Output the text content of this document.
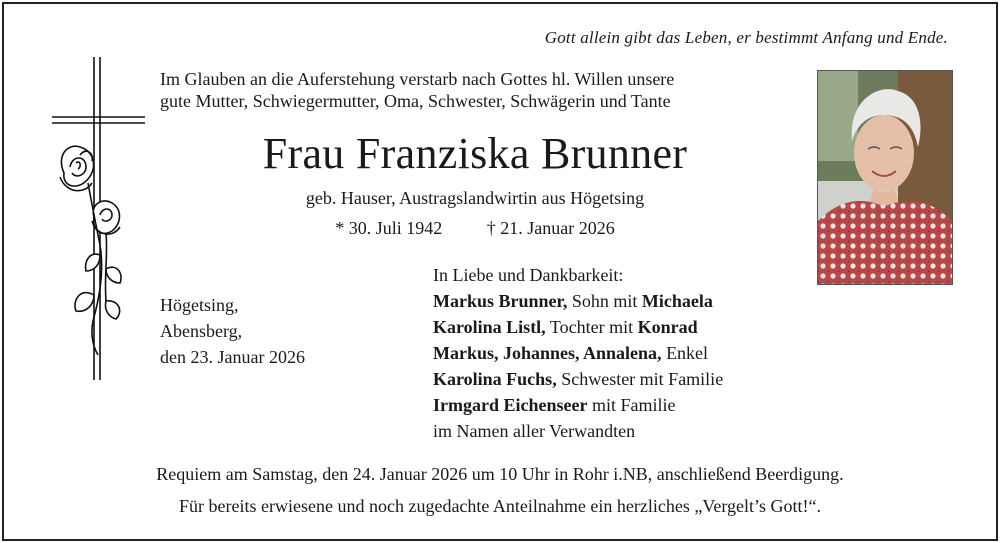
Gott allein gibt das Leben, er bestimmt Anfang und Ende.
Im Glauben an die Auferstehung verstarb nach Gottes hl. Willen unsere
gute Mutter, Schwiegermutter, Oma, Schwester, Schwägerin und Tante
Frau Franziska Brunner
geb. Hauser, Austragslandwirtin aus Högetsing
* 30. Juli 1942 † 21. Januar 2026
Högetsing,
Abensberg,
den 23. Januar 2026
In Liebe und Dankbarkeit:
Markus Brunner, Sohn mit Michaela
Karolina Listl, Tochter mit Konrad
Markus, Johannes, Annalena, Enkel
Karolina Fuchs, Schwester mit Familie
Irmgard Eichenseer mit Familie
im Namen aller Verwandten
Requiem am Samstag, den 24. Januar 2026 um 10 Uhr in Rohr i.NB, anschließend Beerdigung.
Für bereits erwiesene und noch zugedachte Anteilnahme ein herzliches „Vergelt’s Gott!“.
